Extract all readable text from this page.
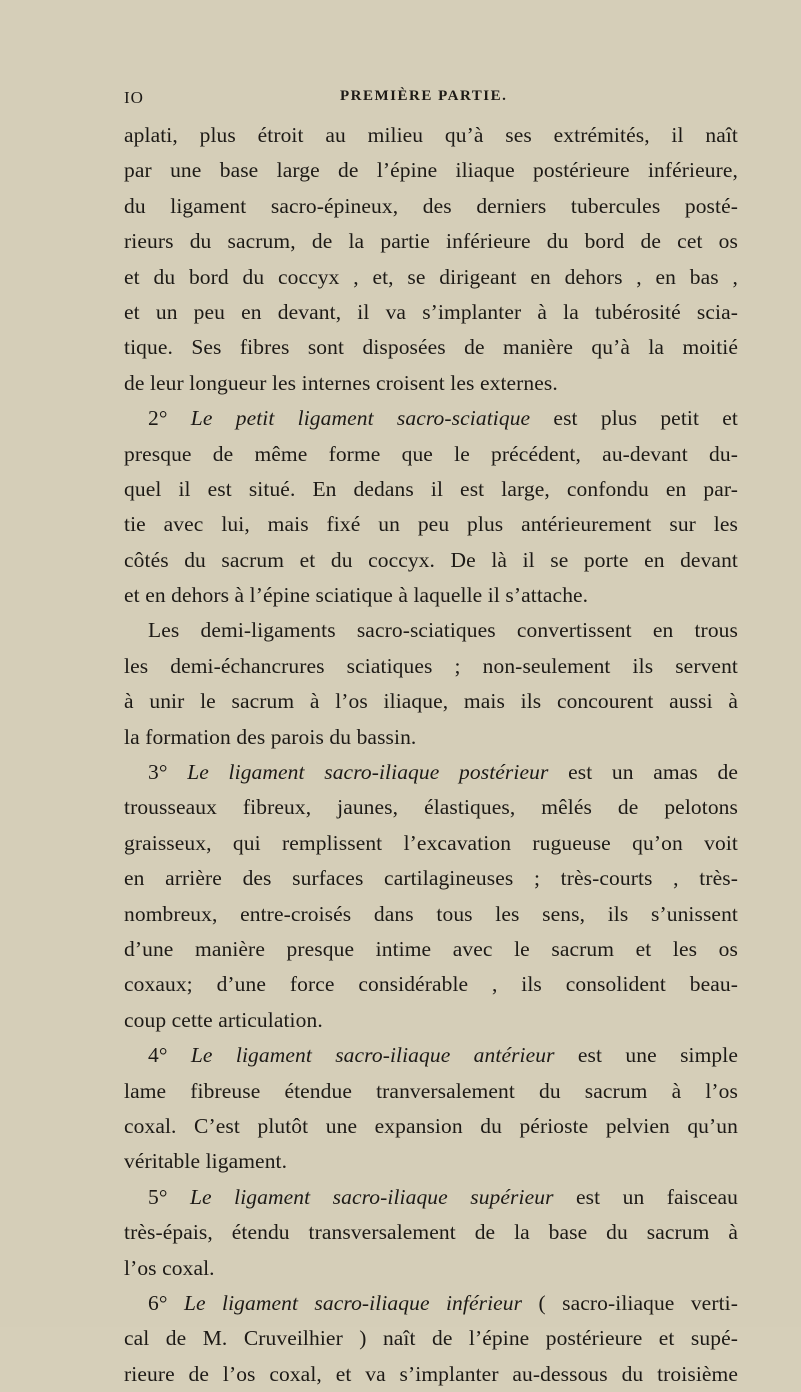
IO	PREMIÈRE PARTIE.
aplati, plus étroit au milieu qu’à ses extrémités, il naît
par une base large de l’épine iliaque postérieure inférieure,
du ligament sacro-épineux, des derniers tubercules posté-
rieurs du sacrum, de la partie inférieure du bord de cet os
et du bord du coccyx , et, se dirigeant en dehors , en bas ,
et un peu en devant, il va s’implanter à la tubérosité scia-
tique. Ses fibres sont disposées de manière qu’à la moitié
de leur longueur les internes croisent les externes.
2° Le petit ligament sacro-sciatique est plus petit et
presque de même forme que le précédent, au-devant du-
quel il est situé. En dedans il est large, confondu en par-
tie avec lui, mais fixé un peu plus antérieurement sur les
côtés du sacrum et du coccyx. De là il se porte en devant
et en dehors à l’épine sciatique à laquelle il s’attache.
Les demi-ligaments sacro-sciatiques convertissent en trous
les demi-échancrures sciatiques ; non-seulement ils servent
à unir le sacrum à l’os iliaque, mais ils concourent aussi à
la formation des parois du bassin.
3° Le ligament sacro-iliaque postérieur est un amas de
trousseaux fibreux, jaunes, élastiques, mêlés de pelotons
graisseux, qui remplissent l’excavation rugueuse qu’on voit
en arrière des surfaces cartilagineuses ; très-courts , très-
nombreux, entre-croisés dans tous les sens, ils s’unissent
d’une manière presque intime avec le sacrum et les os
coxaux; d’une force considérable , ils consolident beau-
coup cette articulation.
4° Le ligament sacro-iliaque antérieur est une simple
lame fibreuse étendue tranversalement du sacrum à l’os
coxal. C’est plutôt une expansion du périoste pelvien qu’un
véritable ligament.
5° Le ligament sacro-iliaque supérieur est un faisceau
très-épais, étendu transversalement de la base du sacrum à
l’os coxal.
6° Le ligament sacro-iliaque inférieur ( sacro-iliaque verti-
cal de M. Cruveilhier ) naît de l’épine postérieure et supé-
rieure de l’os coxal, et va s’implanter au-dessous du troisième
